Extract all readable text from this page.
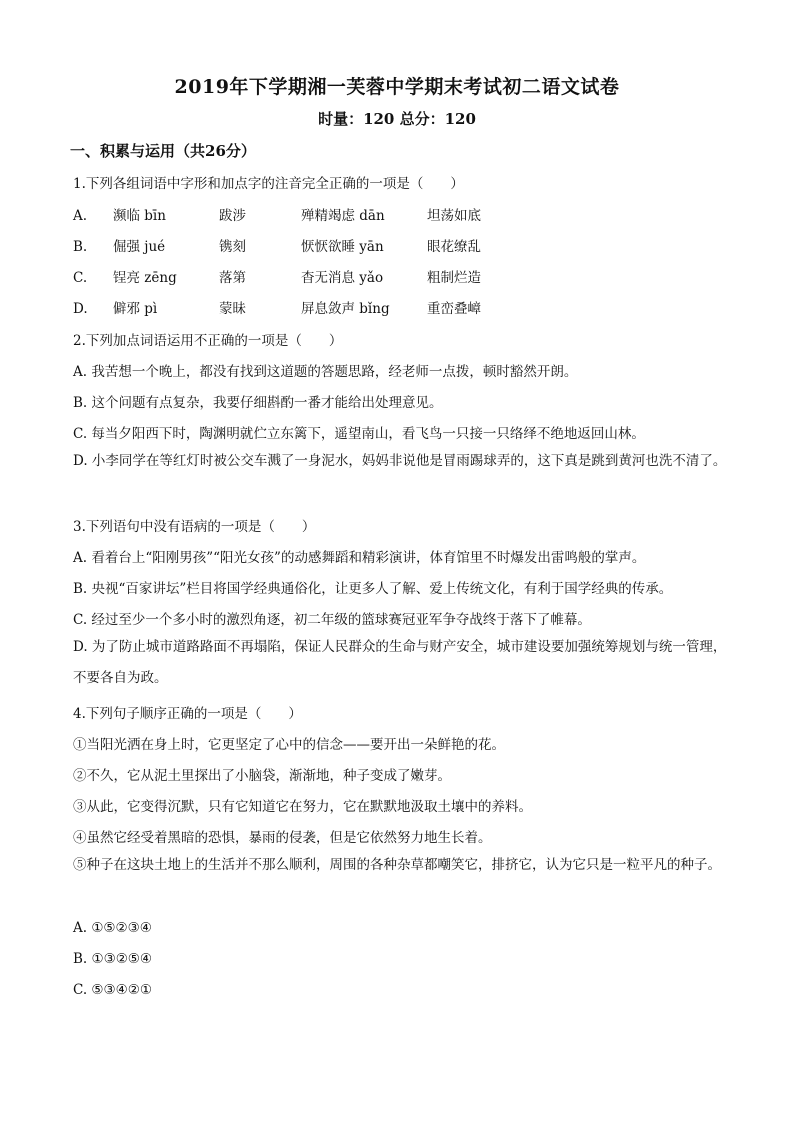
2019年下学期湘一芙蓉中学期末考试初二语文试卷
时量：120 总分：120
一、积累与运用（共26分）
1.下列各组词语中字形和加点字的注音完全正确的一项是（　　）
A. 濒临 bīn	跋涉	殚精竭虑 dān	坦荡如底
B. 倔强 jué	镌刻	恹恹欲睡 yān	眼花缭乱
C. 锃亮 zēng	落第	杳无消息 yǎo	粗制烂造
D. 僻邪 pì	蒙昧	屏息敛声 bǐng	重峦叠嶂
2.下列加点词语运用不正确的一项是（　　）
A. 我苦想一个晚上，都没有找到这道题的答题思路，经老师一点拨，顿时豁然开朗。
B. 这个问题有点复杂，我要仔细斟酌一番才能给出处理意见。
C. 每当夕阳西下时，陶渊明就伫立东篱下，遥望南山，看飞鸟一只接一只络绎不绝地返回山林。
D. 小李同学在等红灯时被公交车溅了一身泥水，妈妈非说他是冒雨踢球弄的，这下真是跳到黄河也洗不清了。
3.下列语句中没有语病的一项是（　　）
A. 看着台上“阳刚男孩”“阳光女孩”的动感舞蹈和精彩演讲，体育馆里不时爆发出雷鸣般的掌声。
B. 央视“百家讲坛”栏目将国学经典通俗化，让更多人了解、爱上传统文化，有利于国学经典的传承。
C. 经过至少一个多小时的激烈角逐，初二年级的篮球赛冠亚军争夺战终于落下了帷幕。
D. 为了防止城市道路路面不再塌陷，保证人民群众的生命与财产安全，城市建设要加强统筹规划与统一管理，不要各自为政。
4.下列句子顺序正确的一项是（　　）
①当阳光洒在身上时，它更坚定了心中的信念——要开出一朵鲜艳的花。
②不久，它从泥土里探出了小脑袋，渐渐地，种子变成了嫩芽。
③从此，它变得沉默，只有它知道它在努力，它在默默地汲取土壤中的养料。
④虽然它经受着黑暗的恐惧，暴雨的侵袭，但是它依然努力地生长着。
⑤种子在这块土地上的生活并不那么顺利，周围的各种杂草都嘲笑它，排挤它，认为它只是一粒平凡的种子。
A. ①⑤②③④
B. ①③②⑤④
C. ⑤③④②①
